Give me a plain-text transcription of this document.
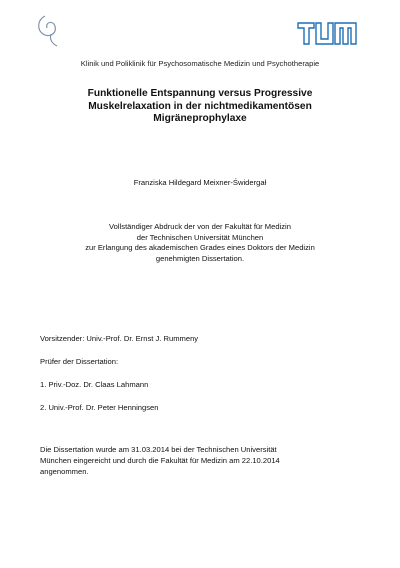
Klinik und Poliklinik für Psychosomatische Medizin und Psychotherapie
Funktionelle Entspannung versus Progressive
Muskelrelaxation in der nichtmedikamentösen
Migräneprophylaxe
Franziska Hildegard Meixner-Świdergał
Vollständiger Abdruck der von der Fakultät für Medizin
der Technischen Universität München
zur Erlangung des akademischen Grades eines Doktors der Medizin
genehmigten Dissertation.
Vorsitzender: Univ.-Prof. Dr. Ernst J. Rummeny
Prüfer der Dissertation:
1. Priv.-Doz. Dr. Claas Lahmann
2. Univ.-Prof. Dr. Peter Henningsen
Die Dissertation wurde am 31.03.2014 bei der Technischen Universität
München eingereicht und durch die Fakultät für Medizin am 22.10.2014
angenommen.
